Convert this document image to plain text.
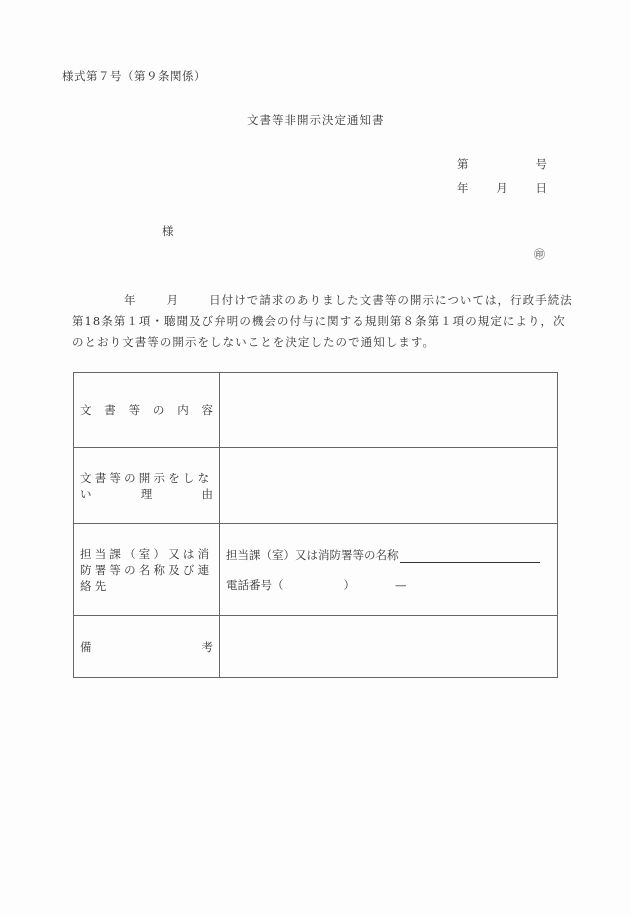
様式第７号（第９条関係）
文書等非開示決定通知書
第	号
年 月 日
様
㊞
年	月	日付けで請求のありました文書等の開示については，行政手続法
第18条第１項・聴聞及び弁明の機会の付与に関する規則第８条第１項の規定により，次
のとおり文書等の開示をしないことを決定したので通知します。
文 書 等 の 内 容

文書等の開示をしな
い 理 由	

担当課（室）又は消
防署等の名称及び連
絡先

担当課（室）又は消防署等の名称
電話番号（	）	—

備 考	
